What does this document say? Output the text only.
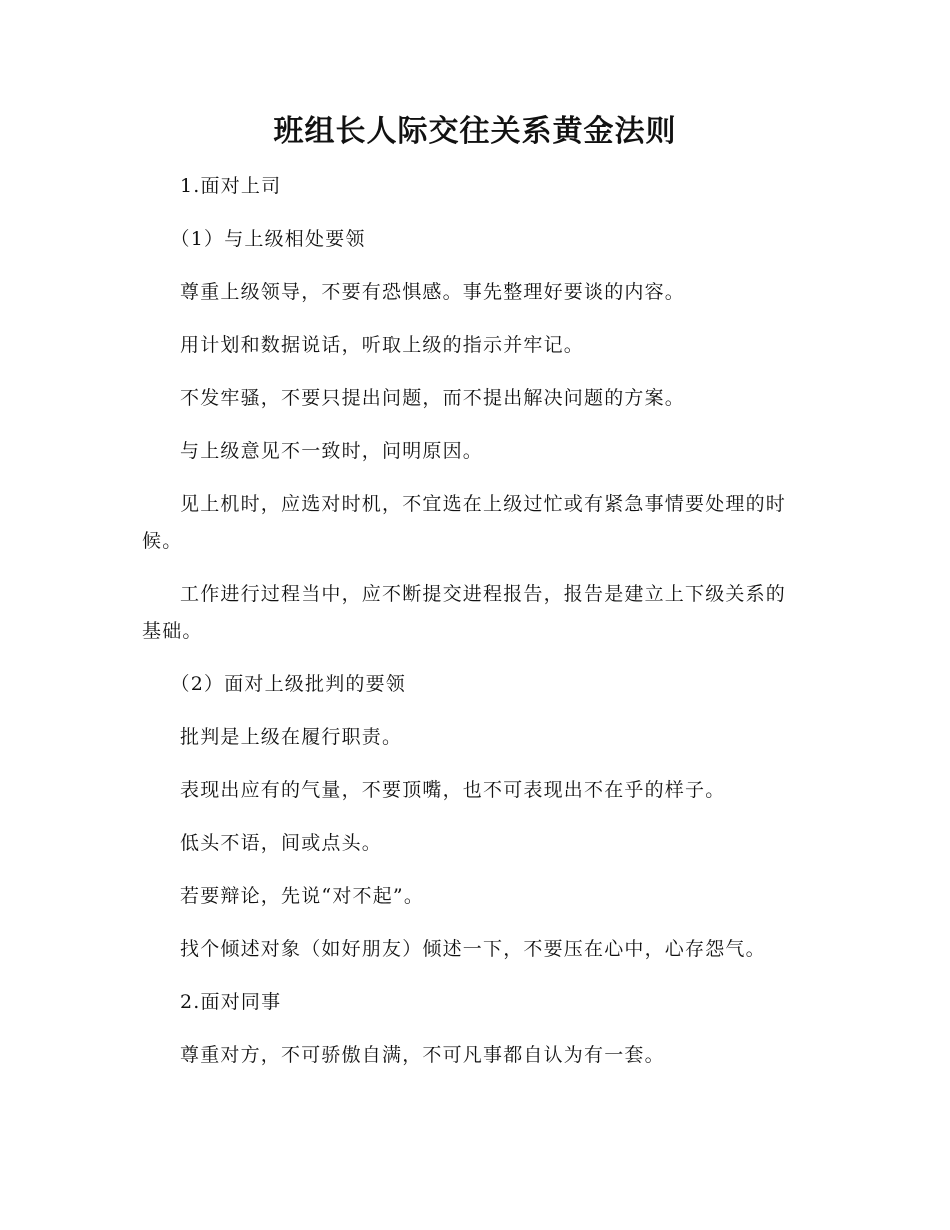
班组长人际交往关系黄金法则

1.面对上司

（1）与上级相处要领

尊重上级领导，不要有恐惧感。事先整理好要谈的内容。

用计划和数据说话，听取上级的指示并牢记。

不发牢骚，不要只提出问题，而不提出解决问题的方案。

与上级意见不一致时，问明原因。

见上机时，应选对时机，不宜选在上级过忙或有紧急事情要处理的时候。

工作进行过程当中，应不断提交进程报告，报告是建立上下级关系的基础。

（2）面对上级批判的要领

批判是上级在履行职责。

表现出应有的气量，不要顶嘴，也不可表现出不在乎的样子。

低头不语，间或点头。

若要辩论，先说“对不起”。

找个倾述对象（如好朋友）倾述一下，不要压在心中，心存怨气。

2.面对同事

尊重对方，不可骄傲自满，不可凡事都自认为有一套。
